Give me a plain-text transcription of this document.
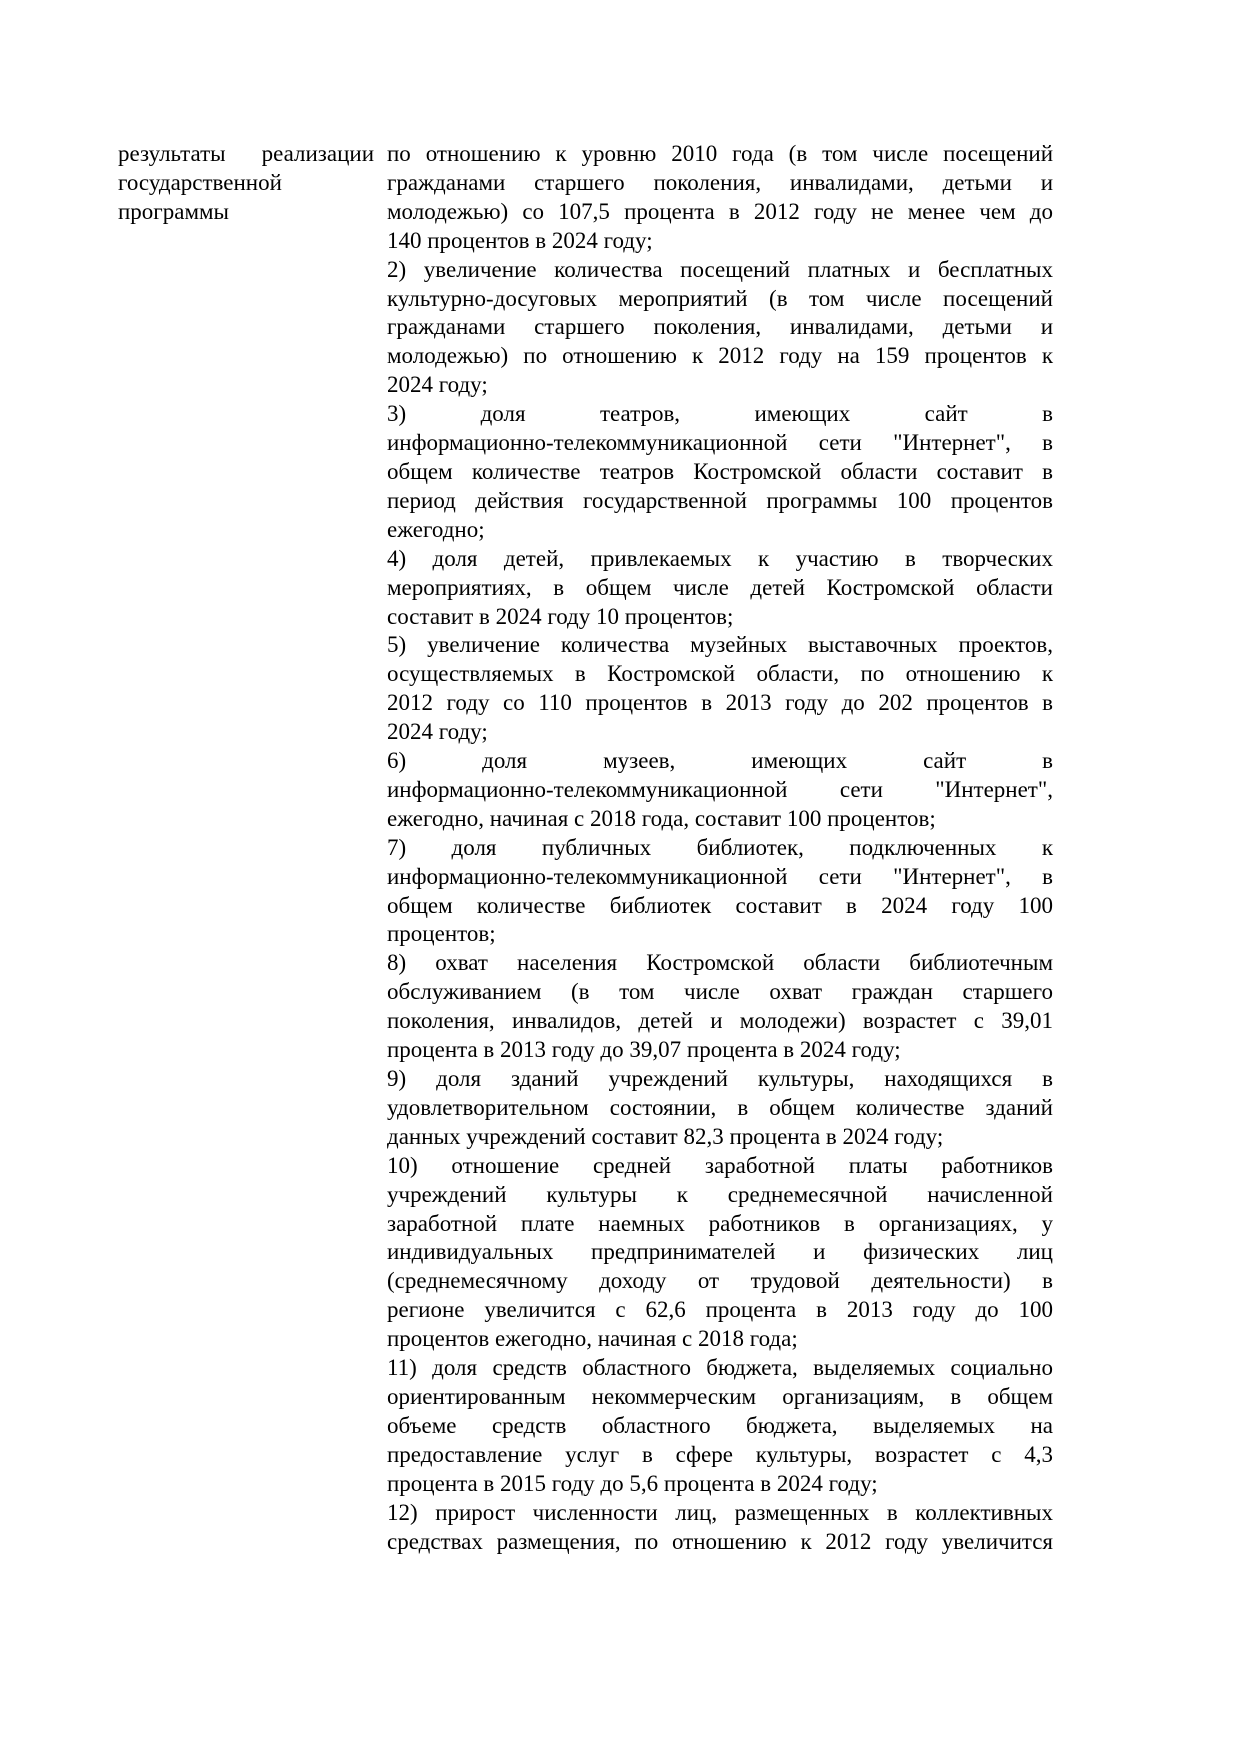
результаты реализации
государственной
программы
по отношению к уровню 2010 года (в том числе посещений
гражданами старшего поколения, инвалидами, детьми и
молодежью) со 107,5 процента в 2012 году не менее чем до
140 процентов в 2024 году;
2) увеличение количества посещений платных и бесплатных
культурно-досуговых мероприятий (в том числе посещений
гражданами старшего поколения, инвалидами, детьми и
молодежью) по отношению к 2012 году на 159 процентов к
2024 году;
3) доля театров, имеющих сайт в
информационно-телекоммуникационной сети "Интернет", в
общем количестве театров Костромской области составит в
период действия государственной программы 100 процентов
ежегодно;
4) доля детей, привлекаемых к участию в творческих
мероприятиях, в общем числе детей Костромской области
составит в 2024 году 10 процентов;
5) увеличение количества музейных выставочных проектов,
осуществляемых в Костромской области, по отношению к
2012 году со 110 процентов в 2013 году до 202 процентов в
2024 году;
6) доля музеев, имеющих сайт в
информационно-телекоммуникационной сети "Интернет",
ежегодно, начиная с 2018 года, составит 100 процентов;
7) доля публичных библиотек, подключенных к
информационно-телекоммуникационной сети "Интернет", в
общем количестве библиотек составит в 2024 году 100
процентов;
8) охват населения Костромской области библиотечным
обслуживанием (в том числе охват граждан старшего
поколения, инвалидов, детей и молодежи) возрастет с 39,01
процента в 2013 году до 39,07 процента в 2024 году;
9) доля зданий учреждений культуры, находящихся в
удовлетворительном состоянии, в общем количестве зданий
данных учреждений составит 82,3 процента в 2024 году;
10) отношение средней заработной платы работников
учреждений культуры к среднемесячной начисленной
заработной плате наемных работников в организациях, у
индивидуальных предпринимателей и физических лиц
(среднемесячному доходу от трудовой деятельности) в
регионе увеличится с 62,6 процента в 2013 году до 100
процентов ежегодно, начиная с 2018 года;
11) доля средств областного бюджета, выделяемых социально
ориентированным некоммерческим организациям, в общем
объеме средств областного бюджета, выделяемых на
предоставление услуг в сфере культуры, возрастет с 4,3
процента в 2015 году до 5,6 процента в 2024 году;
12) прирост численности лиц, размещенных в коллективных
средствах размещения, по отношению к 2012 году увеличится
